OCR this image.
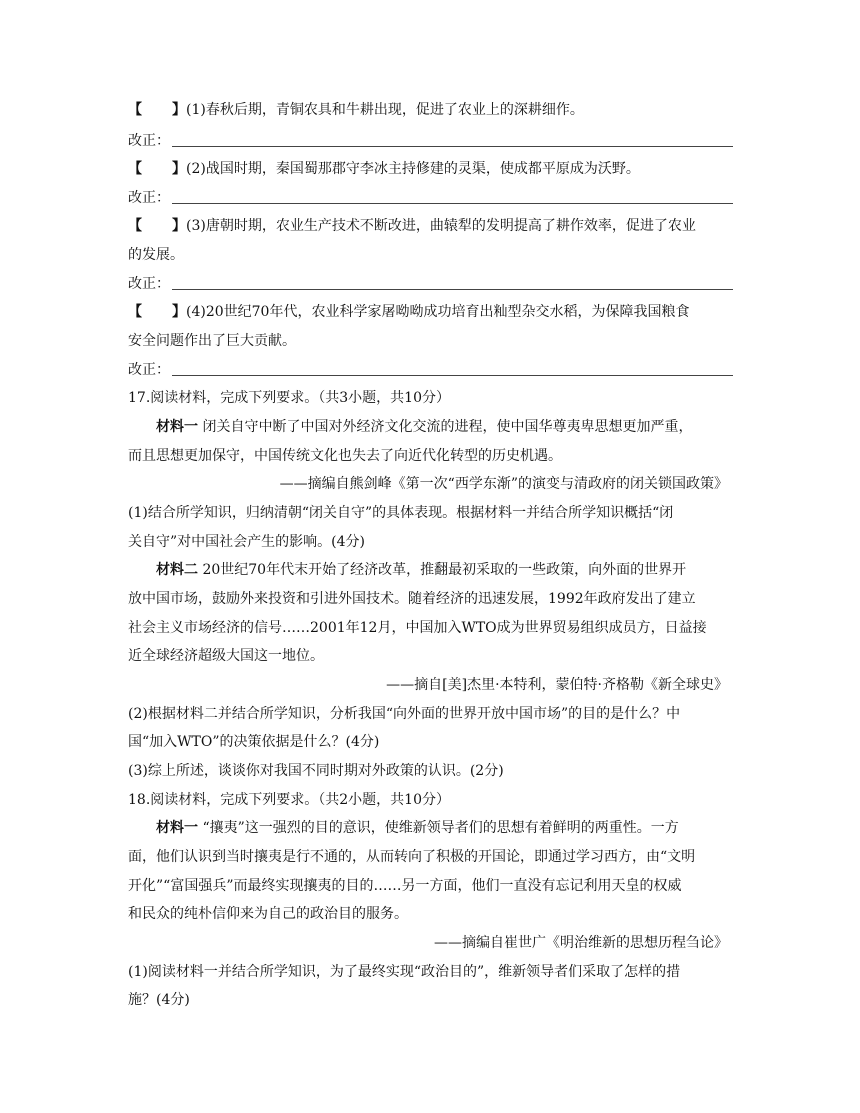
【 】 (1)春秋后期，青铜农具和牛耕出现，促进了农业上的深耕细作。
改正：
【 】 (2)战国时期，秦国蜀那郡守李冰主持修建的灵渠，使成都平原成为沃野。
改正：
【 】 (3)唐朝时期，农业生产技术不断改进，曲辕犁的发明提高了耕作效率，促进了农业
的发展。
改正：
【 】 (4)20世纪70年代，农业科学家屠呦呦成功培育出籼型杂交水稻，为保障我国粮食
安全问题作出了巨大贡献。
改正：
17.阅读材料，完成下列要求。（共3小题，共10分）
材料一 闭关自守中断了中国对外经济文化交流的进程，使中国华尊夷卑思想更加严重，
而且思想更加保守，中国传统文化也失去了向近代化转型的历史机遇。
——摘编自熊剑峰《第一次“西学东渐”的演变与清政府的闭关锁国政策》
(1)结合所学知识，归纳清朝“闭关自守”的具体表现。根据材料一并结合所学知识概括“闭
关自守”对中国社会产生的影响。(4分)
材料二 20世纪70年代末开始了经济改革，推翻最初采取的一些政策，向外面的世界开
放中国市场，鼓励外来投资和引进外国技术。随着经济的迅速发展，1992年政府发出了建立
社会主义市场经济的信号……2001年12月，中国加入WTO成为世界贸易组织成员方，日益接
近全球经济超级大国这一地位。
——摘自[美]杰里·本特利，蒙伯特·齐格勒《新全球史》
(2)根据材料二并结合所学知识，分析我国“向外面的世界开放中国市场”的目的是什么？中
国“加入WTO”的决策依据是什么？(4分)
(3)综上所述，谈谈你对我国不同时期对外政策的认识。(2分)
18.阅读材料，完成下列要求。（共2小题，共10分）
材料一 “攘夷”这一强烈的目的意识，使维新领导者们的思想有着鲜明的两重性。一方
面，他们认识到当时攘夷是行不通的，从而转向了积极的开国论，即通过学习西方，由“文明
开化”“富国强兵”而最终实现攘夷的目的……另一方面，他们一直没有忘记利用天皇的权威
和民众的纯朴信仰来为自己的政治目的服务。
——摘编自崔世广《明治维新的思想历程刍论》
(1)阅读材料一并结合所学知识，为了最终实现“政治目的”，维新领导者们采取了怎样的措
施？(4分)
